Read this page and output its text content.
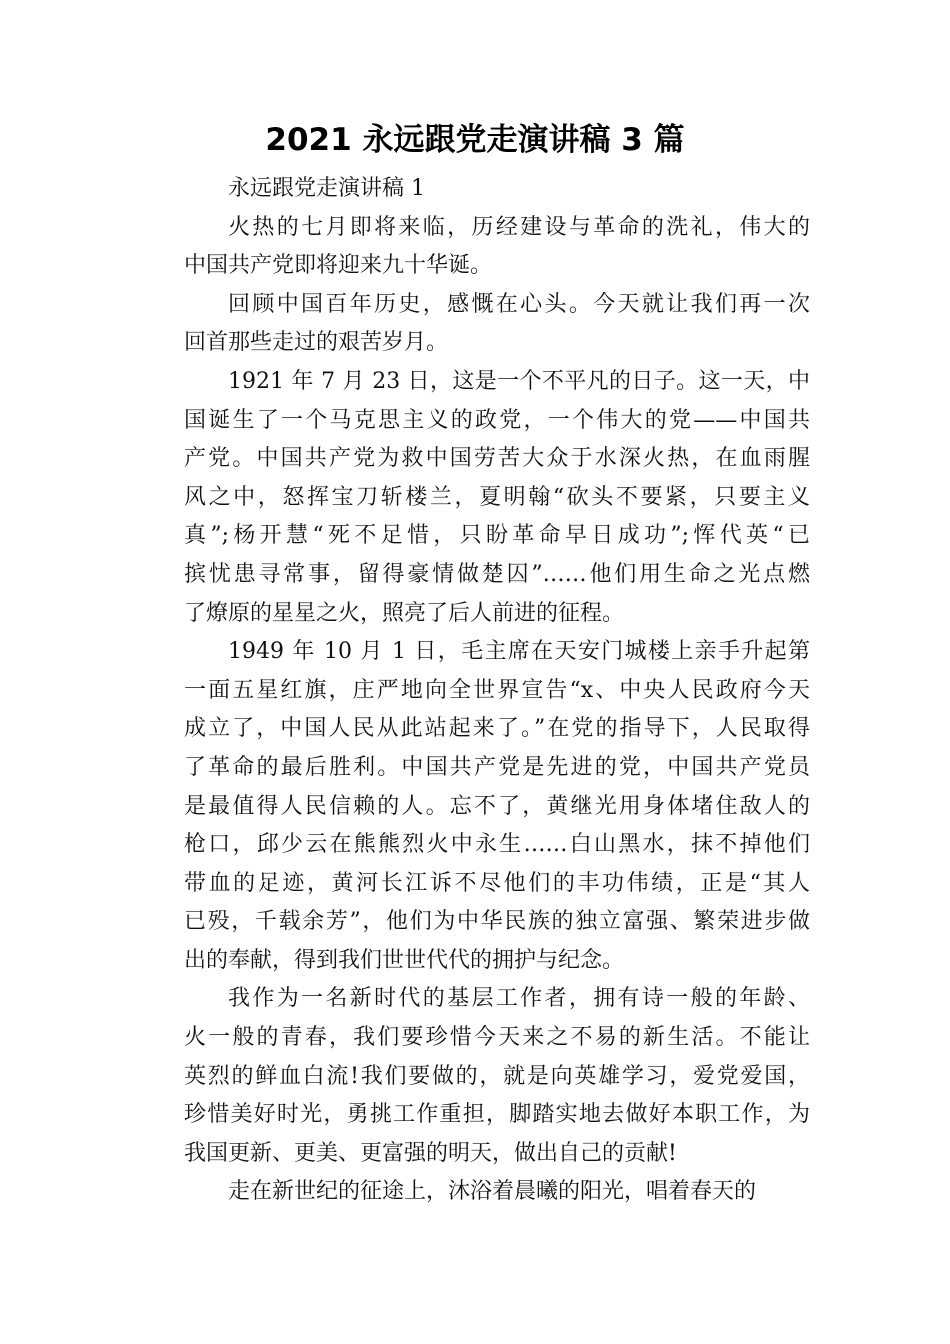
2021 永远跟党走演讲稿 3 篇
永远跟党走演讲稿 1
火热的七月即将来临，历经建设与革命的洗礼，伟大的
中国共产党即将迎来九十华诞。
回顾中国百年历史，感慨在心头。今天就让我们再一次
回首那些走过的艰苦岁月。
1921 年 7 月 23 日，这是一个不平凡的日子。这一天，中
国诞生了一个马克思主义的政党，一个伟大的党——中国共
产党。中国共产党为救中国劳苦大众于水深火热，在血雨腥
风之中，怒挥宝刀斩楼兰，夏明翰“砍头不要紧，只要主义
真”;杨开慧“死不足惜，只盼革命早日成功”;恽代英“已
摈忧患寻常事，留得豪情做楚囚”……他们用生命之光点燃
了燎原的星星之火，照亮了后人前进的征程。
1949 年 10 月 1 日，毛主席在天安门城楼上亲手升起第
一面五星红旗，庄严地向全世界宣告“x、中央人民政府今天
成立了，中国人民从此站起来了。”在党的指导下，人民取得
了革命的最后胜利。中国共产党是先进的党，中国共产党员
是最值得人民信赖的人。忘不了，黄继光用身体堵住敌人的
枪口，邱少云在熊熊烈火中永生……白山黑水，抹不掉他们
带血的足迹，黄河长江诉不尽他们的丰功伟绩，正是“其人
已殁，千载余芳”，他们为中华民族的独立富强、繁荣进步做
出的奉献，得到我们世世代代的拥护与纪念。
我作为一名新时代的基层工作者，拥有诗一般的年龄、
火一般的青春，我们要珍惜今天来之不易的新生活。不能让
英烈的鲜血白流!我们要做的，就是向英雄学习，爱党爱国，
珍惜美好时光，勇挑工作重担，脚踏实地去做好本职工作，为
我国更新、更美、更富强的明天，做出自己的贡献!
走在新世纪的征途上，沐浴着晨曦的阳光，唱着春天的
